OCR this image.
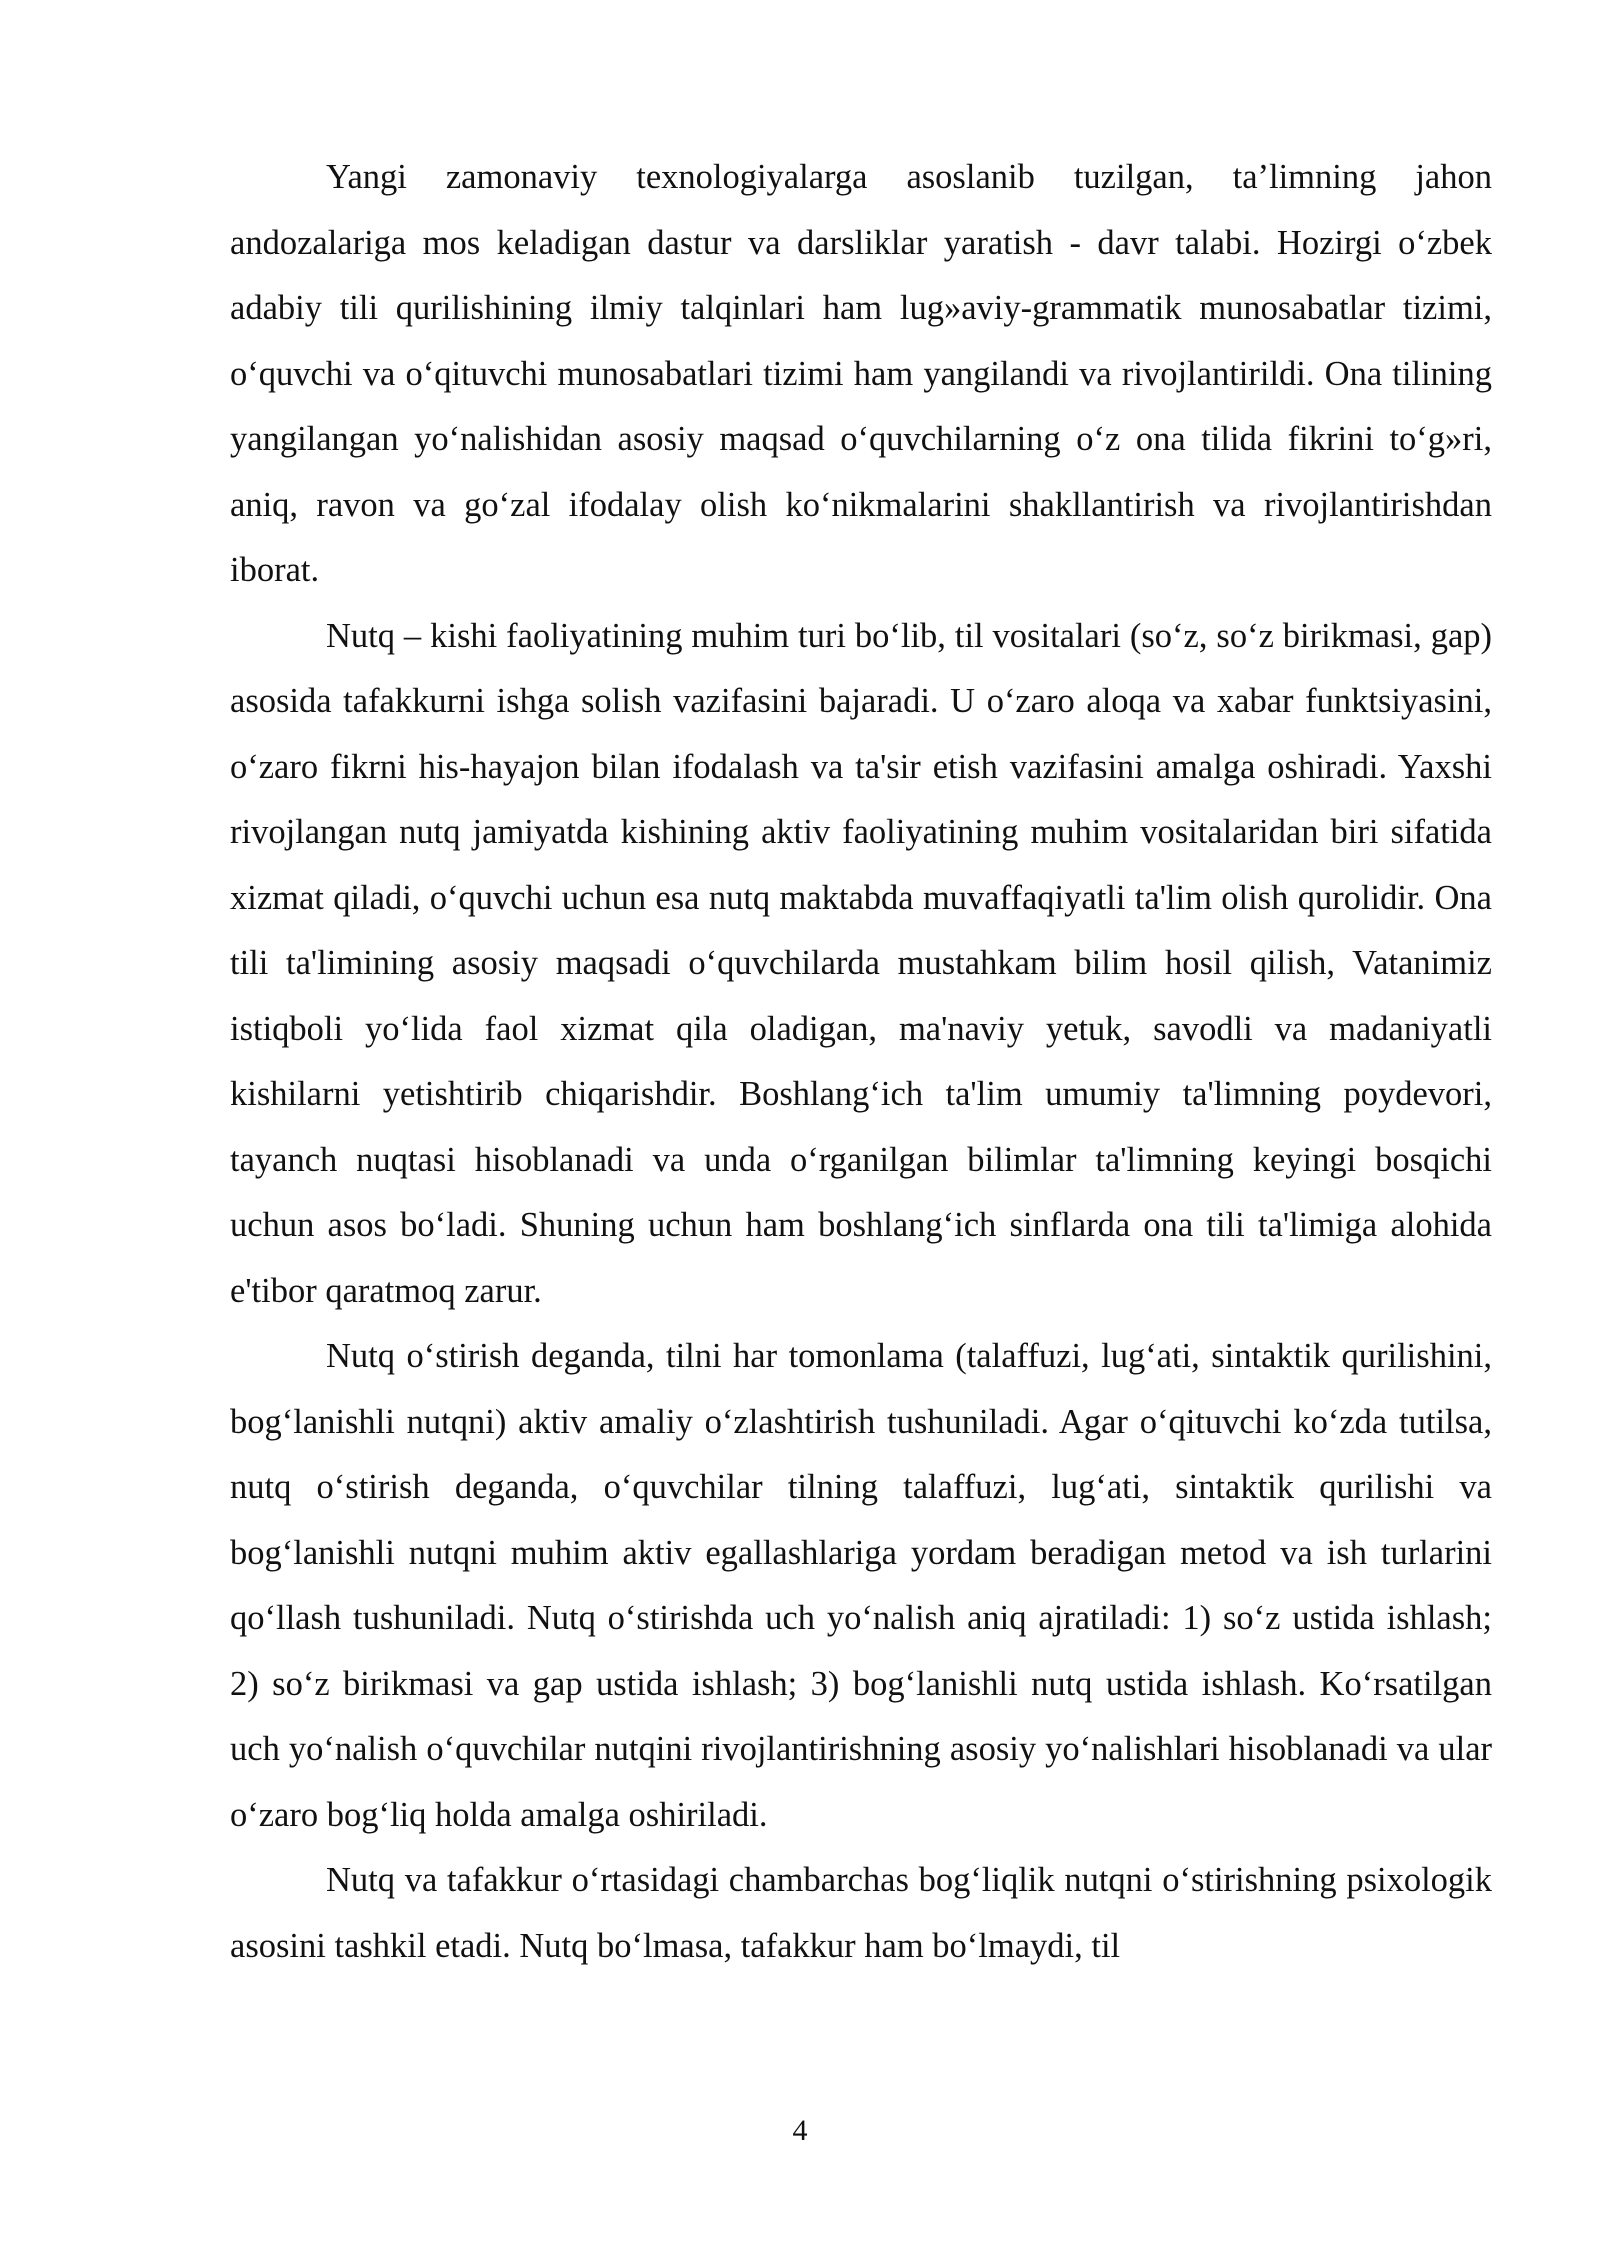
Yangi zamonaviy texnologiyalarga asoslanib tuzilgan, ta’limning jahon andozalariga mos keladigan dastur va darsliklar yaratish - davr talabi. Hozirgi o‘zbek adabiy tili qurilishining ilmiy talqinlari ham lug»aviy-grammatik munosabatlar tizimi, o‘quvchi va o‘qituvchi munosabatlari tizimi ham yangilandi va rivojlantirildi. Ona tilining yangilangan yo‘nalishidan asosiy maqsad o‘quvchilarning o‘z ona tilida fikrini to‘g»ri, aniq, ravon va go‘zal ifodalay olish ko‘nikmalarini shakllantirish va rivojlantirishdan iborat.

Nutq – kishi faoliyatining muhim turi bo‘lib, til vositalari (so‘z, so‘z birikmasi, gap) asosida tafakkurni ishga solish vazifasini bajaradi. U o‘zaro aloqa va xabar funktsiyasini, o‘zaro fikrni his-hayajon bilan ifodalash va ta'sir etish vazifasini amalga oshiradi. Yaxshi rivojlangan nutq jamiyatda kishining aktiv faoliyatining muhim vositalaridan biri sifatida xizmat qiladi, o‘quvchi uchun esa nutq maktabda muvaffaqiyatli ta'lim olish qurolidir. Ona tili ta'limining asosiy maqsadi o‘quvchilarda mustahkam bilim hosil qilish, Vatanimiz istiqboli yo‘lida faol xizmat qila oladigan, ma'naviy yetuk, savodli va madaniyatli kishilarni yetishtirib chiqarishdir. Boshlang‘ich ta'lim umumiy ta'limning poydevori, tayanch nuqtasi hisoblanadi va unda o‘rganilgan bilimlar ta'limning keyingi bosqichi uchun asos bo‘ladi. Shuning uchun ham boshlang‘ich sinflarda ona tili ta'limiga alohida e'tibor qaratmoq zarur.

Nutq o‘stirish deganda, tilni har tomonlama (talaffuzi, lug‘ati, sintaktik qurilishini, bog‘lanishli nutqni) aktiv amaliy o‘zlashtirish tushuniladi. Agar o‘qituvchi ko‘zda tutilsa, nutq o‘stirish deganda, o‘quvchilar tilning talaffuzi, lug‘ati, sintaktik qurilishi va bog‘lanishli nutqni muhim aktiv egallashlariga yordam beradigan metod va ish turlarini qo‘llash tushuniladi. Nutq o‘stirishda uch yo‘nalish aniq ajratiladi: 1) so‘z ustida ishlash; 2) so‘z birikmasi va gap ustida ishlash; 3) bog‘lanishli nutq ustida ishlash. Ko‘rsatilgan uch yo‘nalish o‘quvchilar nutqini rivojlantirishning asosiy yo‘nalishlari hisoblanadi va ular o‘zaro bog‘liq holda amalga oshiriladi.

Nutq va tafakkur o‘rtasidagi chambarchas bog‘liqlik nutqni o‘stirishning psixologik asosini tashkil etadi. Nutq bo‘lmasa, tafakkur ham bo‘lmaydi, til

4
